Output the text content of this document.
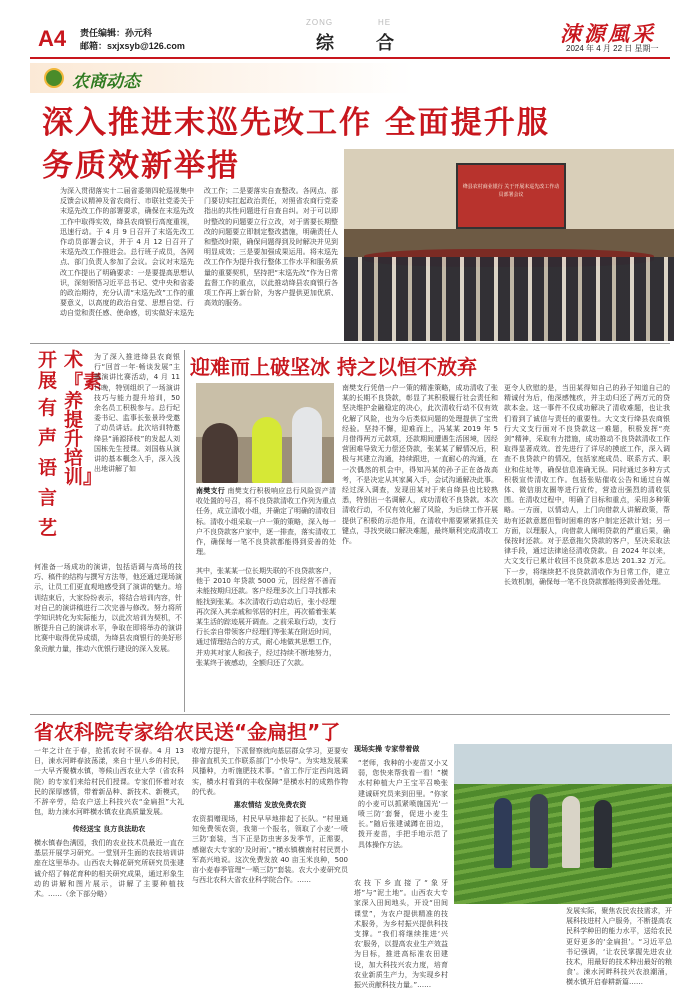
A4 责任编辑：孙元科
邮箱：sxjxsyb@126.com
ZONG	HE
综 合	涑源風采
2024 年 4 月 22 日 星期一
农商动态
深入推进末巡先改工作 全面提升服
务质效新举措
为深入贯彻落实十二届省委第四轮巡视集中反馈会议精神及省农商行、市联社党委关于末巡先改工作的部署要求，确保在末巡先改工作中取得实效，绛县农商银行高度重视，迅速行动。于 4 月 9 日召开了末巡先改工作动员部署会议，并于 4 月 12 日召开了末巡先改工作推进会。总行班子成员，各网点、部门负责人参加了会议。会议对末巡先改工作提出了明确要求：一是要提高思想认识，深刻领悟习近平总书记、党中央和省委的政治期待，充分认清“末巡先改”工作的重要意义，以高度的政治自觉、思想自觉、行动自觉和责任感、使命感，切实做好末巡先改工作；二是要落实自查整改。各网点、部门要切实扛起政治责任，对照省农商行党委指出的共性问题进行自查自纠。对于可以即时整改的问题要立行立改，对于需要长期整改的问题要立即制定整改措施，明确责任人和整改时限，确保问题得到及时解决并见到明显成效；三是要加强成果运用。将末巡先改工作作为提升我行整体工作水平和服务质量的重要契机，坚持把“末巡先改”作为日常监督工作的重点，以此推动绛县农商银行各项工作再上新台阶，为客户提供更加优质、高效的服务。
绛县农村商业银行 关于开展末巡先改工作动员部署会议
开展
术
『素养提升培训』
有声语言艺
为了深入推进绛县农商银行“回首一年·畅谈发展”主题演讲比赛活动，4 月 11 日晚，特别组织了一场演讲技巧与能力提升培训，50 余名员工积极参与。总行纪委书记、监事长张景玲受邀了动员讲话。此次培训特邀绛县“涌源择枝”的发起人刘国栋先生授课。刘国栋从演讲的基本概念入手，深入浅出地讲解了如
何准备一场成功的演讲，包括语调与高场的技巧、稿件的结构与撰写方法等，他还通过现场演示，让员工们更直观地感受到了演讲的魅力。培训结束后，大家纷纷表示，将结合培训内容，针对自己的演讲稿进行二次完善与修改。努力将所学知识转化为实际能力，以此次培训为契机，不断提升自己的演讲水平，争取在即将举办的演讲比赛中取得优异成绩，为绛县农商银行的美好形象贡献力量，推动六优银行建设的深入发展。
迎难而上破坚冰 持之以恒不放弃
南樊支行 南樊支行积极响应总行风险资产清收处置的号召，将不良贷款清收工作列为重点任务，成立清收小组，并确定了明确的清收目标。清收小组采取一户一策的策略，深入每一户不良贷款客户家中，逐一排查，落实清收工作，确保每一笔不良贷款都能得到妥善的处理。
其中，张某某一位长期失联的不良贷款客户，他于 2010 年贷款 5000 元，因经营不善而未能按期归还款。客户经理多次上门寻找都未能找到张某。本次清收行动启动后，张小经理再次深入其亲戚和邻居的村庄，再次循着张某某生活的踪迹展开调查。之前采取行动，支行行长亲自带领客户经理们等张某在附近时问，通过情理结合的方式，耐心地做其思想工作，并劝其对家人和孩子，经过持续不断地努力，张某终于被感动，全额归还了欠款。
南樊支行凭借一户一策的精准策略，成功清收了张某的长期不良贷款，彰显了其积极履行社会责任和坚决维护金融稳定的决心，此次清收行动不仅有效化解了风险，也为今后类似问题的处理提供了宝贵经验。坚持不懈，迎难而上，冯某某 2019 年 5 月借得两万元款项，还款期间遭遇生活困境，因经营困难导致无力偿还贷款，张某某了解情况后，积极与其建立沟通，持续跟进，一直耐心的沟通，在一次偶然的机会中，得知冯某的孙子正在备战高考，不是决定从其家属入手，会试沟通解决此事。经过深入调查，发现田某对于来自绛县也比较熟悉，特别出一名调解人，成功清收不良贷款。本次清收行动，不仅有效化解了风险，为后续工作开展提供了积极的示范作用，在清收中需要紧紧抓住关键点，寻找突破口解决难题，最终顺利完成清收工作。
更令人欣慰的是，当田某得知自己的孙子知道自己的精诚付为后，他深感愧疚，并主动归还了两万元的贷款本金。这一事件不仅成功解决了清收难题，也让我们看到了诚信与责任的重要性。大文支行绛县农商银行大文支行面对不良贷款这一难题，积极发挥“亮剑”精神，采取有力措施，成功推动不良贷款清收工作取得显著成效。首先进行了详尽的摸底工作，深入调查不良贷款户的情况，包括家庭成员、联系方式、职业和住址等，确保信息准确无误。同时通过多种方式积极宣传清收工作。包括张贴催收公告和通过自媒体、微信朋友圈等进行宣传，营造出强烈的清收氛围。在清收过程中，明确了目标和重点，采用多种策略。一方面，以情动人，上门向借款人讲解政策，帮助有还款意愿但暂时困难的客户制定还款计划；另一方面，以理服人，向借款人阐明贷款的严重后果，确保按时还款。对于恶意拖欠贷款的客户，坚决采取法律手段，通过法律途径清收贷款。自 2024 年以来，大文支行已累计收回不良贷款本息达 201.32 万元。下一步，将继续把不良贷款清收作为日常工作，建立长效机制，确保每一笔不良贷款都能得到妥善处理。
省农科院专家给农民送“金扁担”了
一年之计在于春，抢抓农时不误春。4 月 13 日，涑水河畔春波荡漾，来自十里八乡的村民，一大早齐聚横水镇，等候山西农业大学（省农科院）的专家们来给村民们授课。专家们怀着对农民的深厚感情，带着新品种、新技术、新模式，不辞辛劳，给农户送上科技兴农“金扁担”大礼包，助力涑水河畔横水镇农业高质量发展。
传经送宝 良方良法助农
横水镇春色满园，我们的农业技术员最近一直在基层开展学习研究。一堂别开生面的农技培训讲座在这里举办。山西农大棉花研究所研究员张建诚介绍了棉花育种的相关研究成果，通过形象生动的讲解和图片展示，讲解了主要种植技术。……（余下部分略）
收增方提升，下派督察就向基层群众学习，更要安排省直机关工作联系部门“小快导”。为实地发展乘风播种，力听施肥技术事。“省工作厅定西向选调实，横水村看到的丰收保障”是横水村的成熟作物的代表。
惠农情结 发放免费农资
农资捐赠现场，村民早早地排起了长队。“村里通知免费领农资，我第一个报名，领取了小麦‘一喷三防’套装，当下正是防虫害多发季节，正需要，感谢农大专家的‘及时雨’。”横水镇横南村村民贾小军高兴地说。这次免费发放 40 亩玉米良种，500 亩小麦春季管理“一喷三防”套装。农大小麦研究员与西北农科大省农业科学院合作。……
现场实操 专家带着做
“老师，我种的小麦苗又小又弱，您快来帮我看一看！”横水村种植大户王宝平召唤张建诚研究员来到田里。“你家的小麦可以抓紧喷施国光‘一喷三防’套餐，促进小麦生长。”随后张建诚蹲在田边，拨开麦苗，手把手地示范了具体操作方法。
农技下乡直接了“象牙塔”与“泥土地”。山西农大专家深入田间地头，开设“田间课堂”，为农户提供精准的技术服务，为乡村振兴提供科技支撑。“我们将继续推进‘兴农’服务，以提高农业生产效益为目标，推进高标准农田建设，加大科技兴农力度，培育农业新质生产力，为实现乡村振兴贡献科技力量。”……
发展实际，聚焦农民农技需求，开展科技进村入户服务，不断提高农民科学种田的能力水平，送给农民更好更多的‘金扁担’。“习近平总书记强调，‘让农民掌握先进农业技术，用最好的技术种出最好的粮食’。涑水河畔科技兴农浪潮涌，横水镇开启春耕新篇……
